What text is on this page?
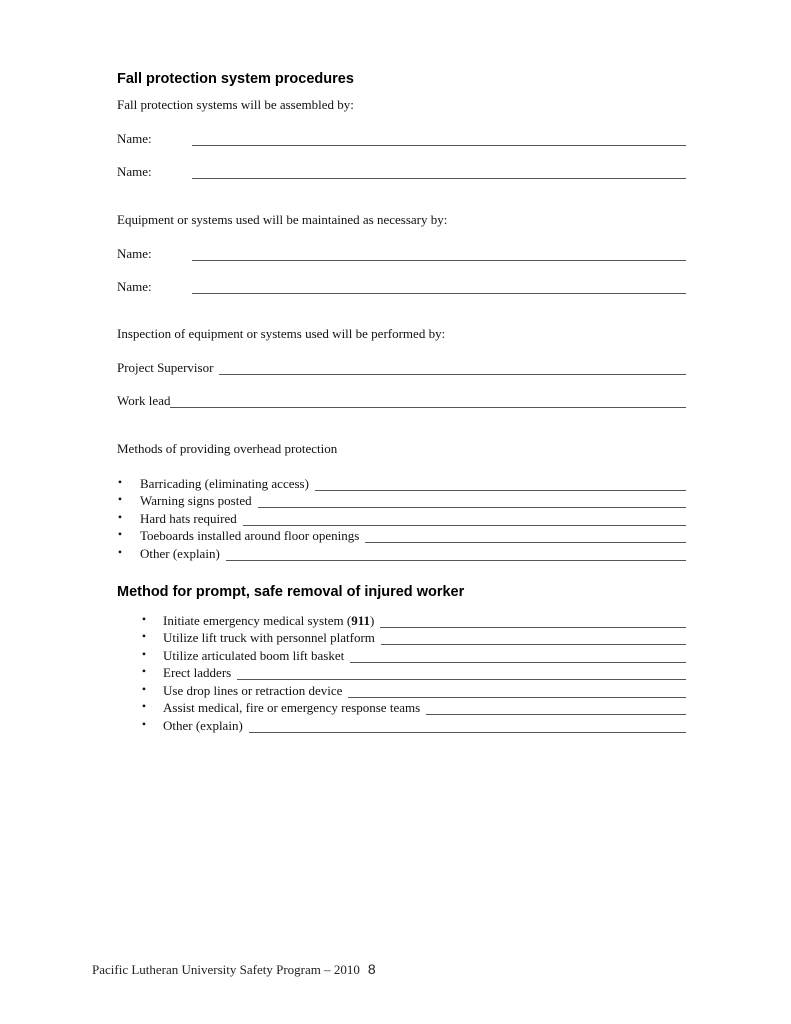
Fall protection system procedures
Fall protection systems will be assembled by:
Name:
Name:
Equipment or systems used will be maintained as necessary by:
Name:
Name:
Inspection of equipment or systems used will be performed by:
Project Supervisor
Work lead
Methods of providing overhead protection
• Barricading (eliminating access)
• Warning signs posted
• Hard hats required
• Toeboards installed around floor openings
• Other (explain)
Method for prompt, safe removal of injured worker
• Initiate emergency medical system (911)
• Utilize lift truck with personnel platform
• Utilize articulated boom lift basket
• Erect ladders
• Use drop lines or retraction device
• Assist medical, fire or emergency response teams
• Other (explain)
Pacific Lutheran University Safety Program – 2010 8
